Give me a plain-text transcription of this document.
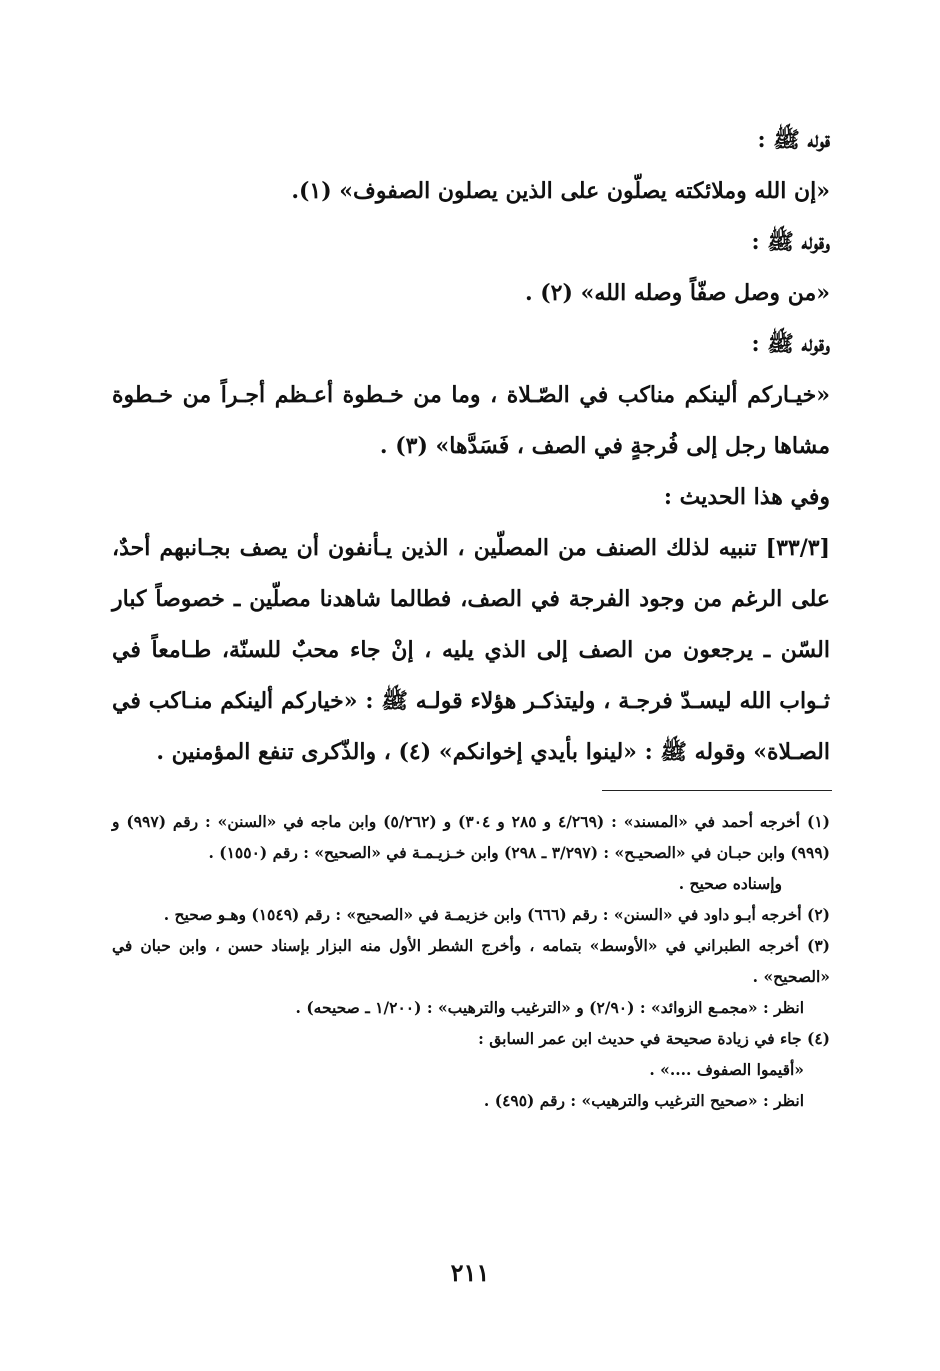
قوله ﷺ :

«إن الله وملائكته يصلّون على الذين يصلون الصفوف» (١).

وقوله ﷺ :

«من وصل صفّاً وصله الله» (٢) .

وقوله ﷺ :

«خيـاركم ألينكم مناكب في الصّـلاة ، وما من خـطوة أعـظم أجـراً من خـطوة مشاها رجل إلى فُرجةٍ في الصف ، فَسَدَّها» (٣) .

وفي هذا الحديث :

[٣٣/٣] تنبيه لذلك الصنف من المصلّين ، الذين يـأنفون أن يصف بجـانبهم أحدٌ، على الرغم من وجود الفرجة في الصف، فطالما شاهدنا مصلّين ـ خصوصاً كبار السّن ـ يرجعون من الصف إلى الذي يليه ، إنْ جاء محبٌ للسنّة، طـامعاً في ثـواب الله ليسـدّ فرجـة ، وليتذكـر هؤلاء قولـه ﷺ : «خياركم ألينكم منـاكب في الصـلاة» وقوله ﷺ : «لينوا بأيدي إخوانكم» (٤) ، والذّكرى تنفع المؤمنين .

(١) أخرجه أحمد في «المسند» : (٤/٢٦٩ و ٢٨٥ و ٣٠٤) و (٥/٢٦٢) وابن ماجه في «السنن» : رقم (٩٩٧) و (٩٩٩) وابن حبـان في «الصحيـح» : (٣/٢٩٧ ـ ٢٩٨) وابن خـزيـمـة في «الصحيح» : رقم (١٥٥٠) .

وإسناده صحيح .

(٢) أخرجه أبـو داود في «السنن» : رقم (٦٦٦) وابن خزيمـة في «الصحيح» : رقم (١٥٤٩) وهـو صحيح .

(٣) أخرجه الطبراني في «الأوسط» بتمامه ، وأخرج الشطر الأول منه البزار بإسناد حسن ، وابن حبان في «الصحيح» .

انظر : «مجمـع الزوائد» : (٢/٩٠) و «الترغيب والترهيب» : (١/٢٠٠ ـ صحيحه) .

(٤) جاء في زيادة صحيحة في حديث ابن عمر السابق :

«أقيموا الصفوف ....» .

انظر : «صحيح الترغيب والترهيب» : رقم (٤٩٥) .

٢١١
